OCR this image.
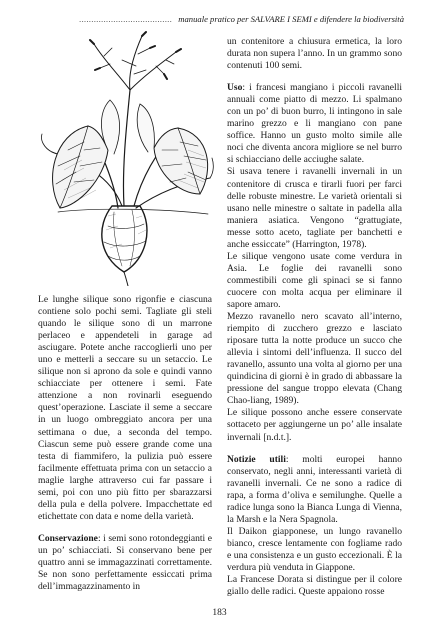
...................................... manuale pratico per SALVARE I SEMI e difendere la biodiversità

Le lunghe silique sono rigonfie e ciascuna contiene solo pochi semi. Tagliate gli steli quando le silique sono di un marrone perlaceo e appendeteli in garage ad asciugare. Potete anche raccoglierli uno per uno e metterli a seccare su un setaccio. Le silique non si aprono da sole e quindi vanno schiacciate per ottenere i semi. Fate attenzione a non rovinarli eseguendo quest’operazione. Lasciate il seme a seccare in un luogo ombreggiato ancora per una settimana o due, a seconda del tempo. Ciascun seme può essere grande come una testa di fiammifero, la pulizia può essere facilmente effettuata prima con un setaccio a maglie larghe attraverso cui far passare i semi, poi con uno più fitto per sbarazzarsi della pula e della polvere. Impacchettate ed etichettate con data e nome della varietà.

Conservazione: i semi sono rotondeggianti e un po’ schiacciati. Si conservano bene per quattro anni se immagazzinati correttamente. Se non sono perfettamente essiccati prima dell’immagazzinamento in

un contenitore a chiusura ermetica, la loro durata non supera l’anno. In un grammo sono contenuti 100 semi.

Uso: i francesi mangiano i piccoli ravanelli annuali come piatto di mezzo. Li spalmano con un po’ di buon burro, li intingono in sale marino grezzo e li mangiano con pane soffice. Hanno un gusto molto simile alle noci che diventa ancora migliore se nel burro si schiacciano delle acciughe salate.

Si usava tenere i ravanelli invernali in un contenitore di crusca e tirarli fuori per farci delle robuste minestre. Le varietà orientali si usano nelle minestre o saltate in padella alla maniera asiatica. Vengono “grattugiate, messe sotto aceto, tagliate per banchetti e anche essiccate” (Harrington, 1978).

Le silique vengono usate come verdura in Asia. Le foglie dei ravanelli sono commestibili come gli spinaci se si fanno cuocere con molta acqua per eliminare il sapore amaro.

Mezzo ravanello nero scavato all’interno, riempito di zucchero grezzo e lasciato riposare tutta la notte produce un succo che allevia i sintomi dell’influenza. Il succo del ravanello, assunto una volta al giorno per una quindicina di giorni è in grado di abbassare la pressione del sangue troppo elevata (Chang Chao-liang, 1989).

Le silique possono anche essere conservate sottaceto per aggiungerne un po’ alle insalate invernali [n.d.t.].

Notizie utili: molti europei hanno conservato, negli anni, interessanti varietà di ravanelli invernali. Ce ne sono a radice di rapa, a forma d’oliva e semilunghe. Quelle a radice lunga sono la Bianca Lunga di Vienna, la Marsh e la Nera Spagnola.

Il Daikon giapponese, un lungo ravanello bianco, cresce lentamente con fogliame rado e una consistenza e un gusto eccezionali. È la verdura più venduta in Giappone.

La Francese Dorata si distingue per il colore giallo delle radici. Queste appaiono rosse

183
